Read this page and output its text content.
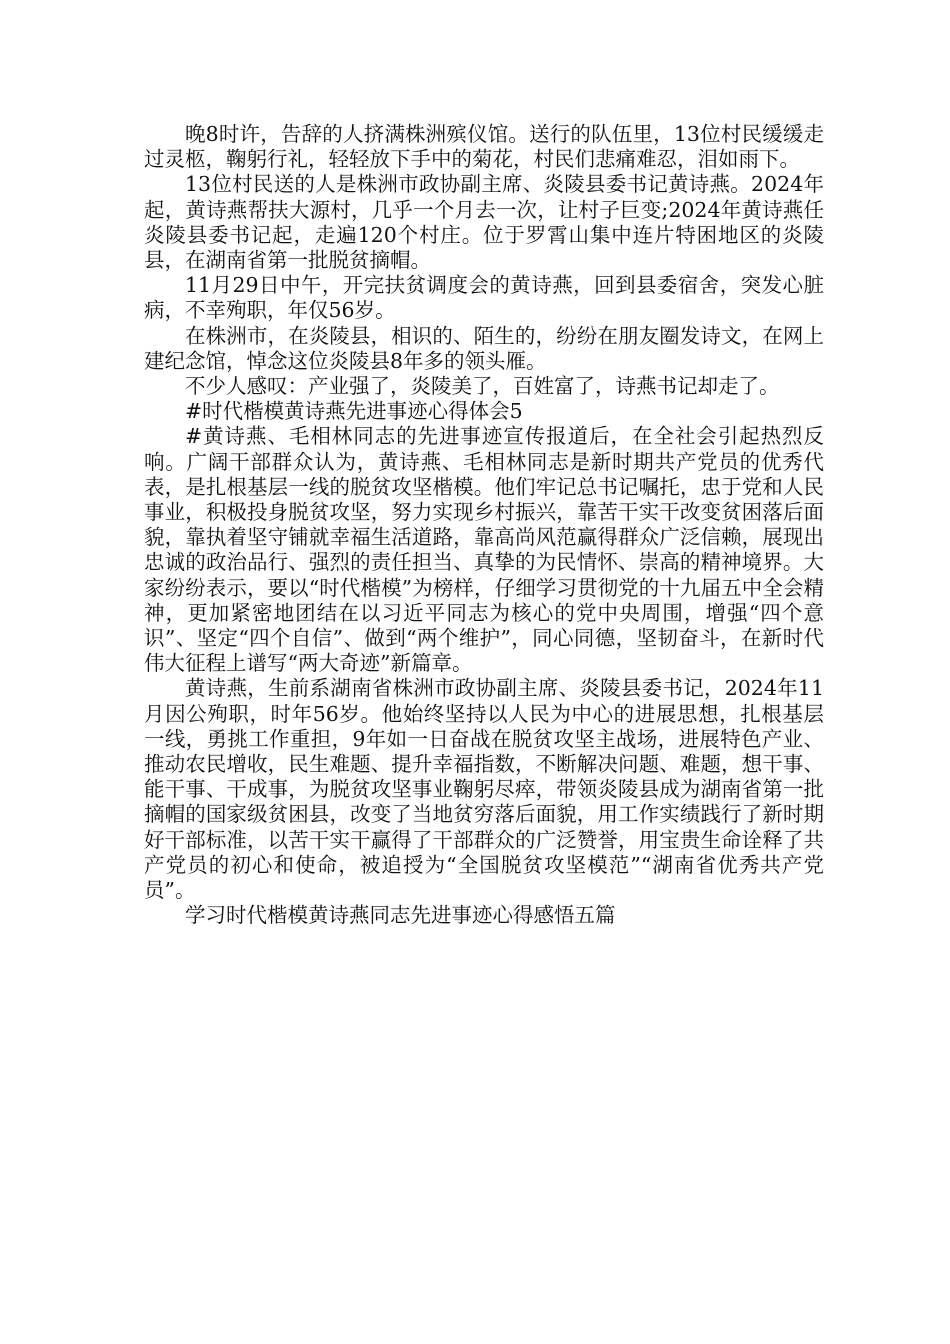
晚8时许，告辞的人挤满株洲殡仪馆。送行的队伍里，13位村民缓缓走过灵柩，鞠躬行礼，轻轻放下手中的菊花，村民们悲痛难忍，泪如雨下。

13位村民送的人是株洲市政协副主席、炎陵县委书记黄诗燕。2024年起，黄诗燕帮扶大源村，几乎一个月去一次，让村子巨变;2024年黄诗燕任炎陵县委书记起，走遍120个村庄。位于罗霄山集中连片特困地区的炎陵县，在湖南省第一批脱贫摘帽。

11月29日中午，开完扶贫调度会的黄诗燕，回到县委宿舍，突发心脏病，不幸殉职，年仅56岁。

在株洲市，在炎陵县，相识的、陌生的，纷纷在朋友圈发诗文，在网上建纪念馆，悼念这位炎陵县8年多的领头雁。

不少人感叹：产业强了，炎陵美了，百姓富了，诗燕书记却走了。

#时代楷模黄诗燕先进事迹心得体会5

#黄诗燕、毛相林同志的先进事迹宣传报道后，在全社会引起热烈反响。广阔干部群众认为，黄诗燕、毛相林同志是新时期共产党员的优秀代表，是扎根基层一线的脱贫攻坚楷模。他们牢记总书记嘱托，忠于党和人民事业，积极投身脱贫攻坚，努力实现乡村振兴，靠苦干实干改变贫困落后面貌，靠执着坚守铺就幸福生活道路，靠高尚风范赢得群众广泛信赖，展现出忠诚的政治品行、强烈的责任担当、真挚的为民情怀、崇高的精神境界。大家纷纷表示，要以“时代楷模”为榜样，仔细学习贯彻党的十九届五中全会精神，更加紧密地团结在以习近平同志为核心的党中央周围，增强“四个意识”、坚定“四个自信”、做到“两个维护”，同心同德，坚韧奋斗，在新时代伟大征程上谱写“两大奇迹”新篇章。

黄诗燕，生前系湖南省株洲市政协副主席、炎陵县委书记，2024年11月因公殉职，时年56岁。他始终坚持以人民为中心的进展思想，扎根基层一线，勇挑工作重担，9年如一日奋战在脱贫攻坚主战场，进展特色产业、推动农民增收，民生难题、提升幸福指数，不断解决问题、难题，想干事、能干事、干成事，为脱贫攻坚事业鞠躬尽瘁，带领炎陵县成为湖南省第一批摘帽的国家级贫困县，改变了当地贫穷落后面貌，用工作实绩践行了新时期好干部标准，以苦干实干赢得了干部群众的广泛赞誉，用宝贵生命诠释了共产党员的初心和使命，被追授为“全国脱贫攻坚模范”“湖南省优秀共产党员”。

学习时代楷模黄诗燕同志先进事迹心得感悟五篇
